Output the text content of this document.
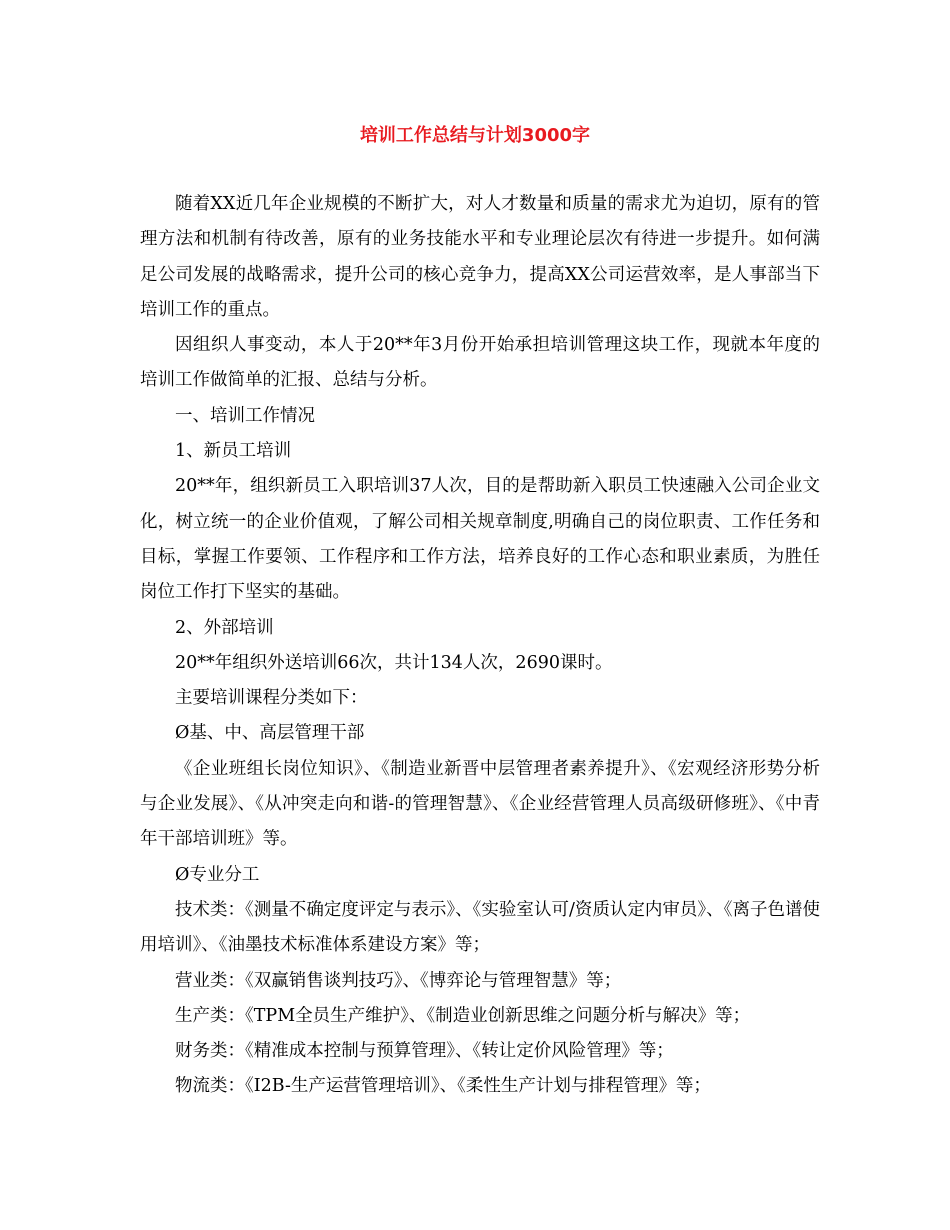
培训工作总结与计划3000字

随着XX近几年企业规模的不断扩大，对人才数量和质量的需求尤为迫切，原有的管理方法和机制有待改善，原有的业务技能水平和专业理论层次有待进一步提升。如何满足公司发展的战略需求，提升公司的核心竞争力，提高XX公司运营效率，是人事部当下培训工作的重点。

因组织人事变动，本人于20**年3月份开始承担培训管理这块工作，现就本年度的培训工作做简单的汇报、总结与分析。

一、培训工作情况

1、新员工培训

20**年，组织新员工入职培训37人次，目的是帮助新入职员工快速融入公司企业文化，树立统一的企业价值观，了解公司相关规章制度,明确自己的岗位职责、工作任务和目标，掌握工作要领、工作程序和工作方法，培养良好的工作心态和职业素质，为胜任岗位工作打下坚实的基础。

2、外部培训

20**年组织外送培训66次，共计134人次，2690课时。

主要培训课程分类如下：

Ø基、中、高层管理干部

《企业班组长岗位知识》、《制造业新晋中层管理者素养提升》、《宏观经济形势分析与企业发展》、《从冲突走向和谐-的管理智慧》、《企业经营管理人员高级研修班》、《中青年干部培训班》等。

Ø专业分工

技术类：《测量不确定度评定与表示》、《实验室认可/资质认定内审员》、《离子色谱使用培训》、《油墨技术标准体系建设方案》等；

营业类：《双赢销售谈判技巧》、《博弈论与管理智慧》等；

生产类：《TPM全员生产维护》、《制造业创新思维之问题分析与解决》等；

财务类：《精准成本控制与预算管理》、《转让定价风险管理》等；

物流类：《I2B-生产运营管理培训》、《柔性生产计划与排程管理》等；
